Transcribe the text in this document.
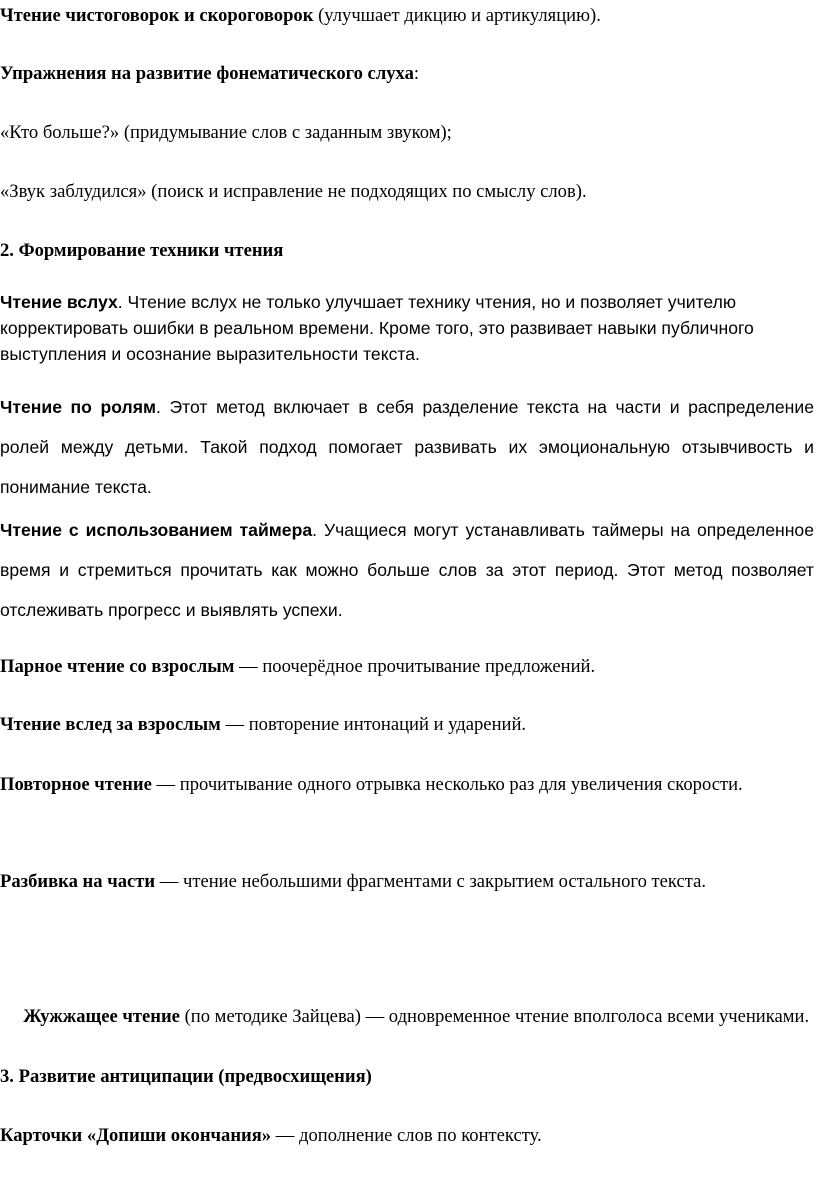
Чтение чистоговорок и скороговорок (улучшает дикцию и артикуляцию).

Упражнения на развитие фонематического слуха:

«Кто больше?» (придумывание слов с заданным звуком);

«Звук заблудился» (поиск и исправление не подходящих по смыслу слов).

2. Формирование техники чтения

Чтение вслух. Чтение вслух не только улучшает технику чтения, но и позволяет учителю корректировать ошибки в реальном времени. Кроме того, это развивает навыки публичного выступления и осознание выразительности текста.

Чтение по ролям. Этот метод включает в себя разделение текста на части и распределение ролей между детьми. Такой подход помогает развивать их эмоциональную отзывчивость и понимание текста.

Чтение с использованием таймера. Учащиеся могут устанавливать таймеры на определенное время и стремиться прочитать как можно больше слов за этот период. Этот метод позволяет отслеживать прогресс и выявлять успехи.

Парное чтение со взрослым — поочерёдное прочитывание предложений.

Чтение вслед за взрослым — повторение интонаций и ударений.

Повторное чтение — прочитывание одного отрывка несколько раз для увеличения скорости.

Разбивка на части — чтение небольшими фрагментами с закрытием остального текста.

Жужжащее чтение (по методике Зайцева) — одновременное чтение вполголоса всеми учениками.

3. Развитие антиципации (предвосхищения)

Карточки «Допиши окончания» — дополнение слов по контексту.
